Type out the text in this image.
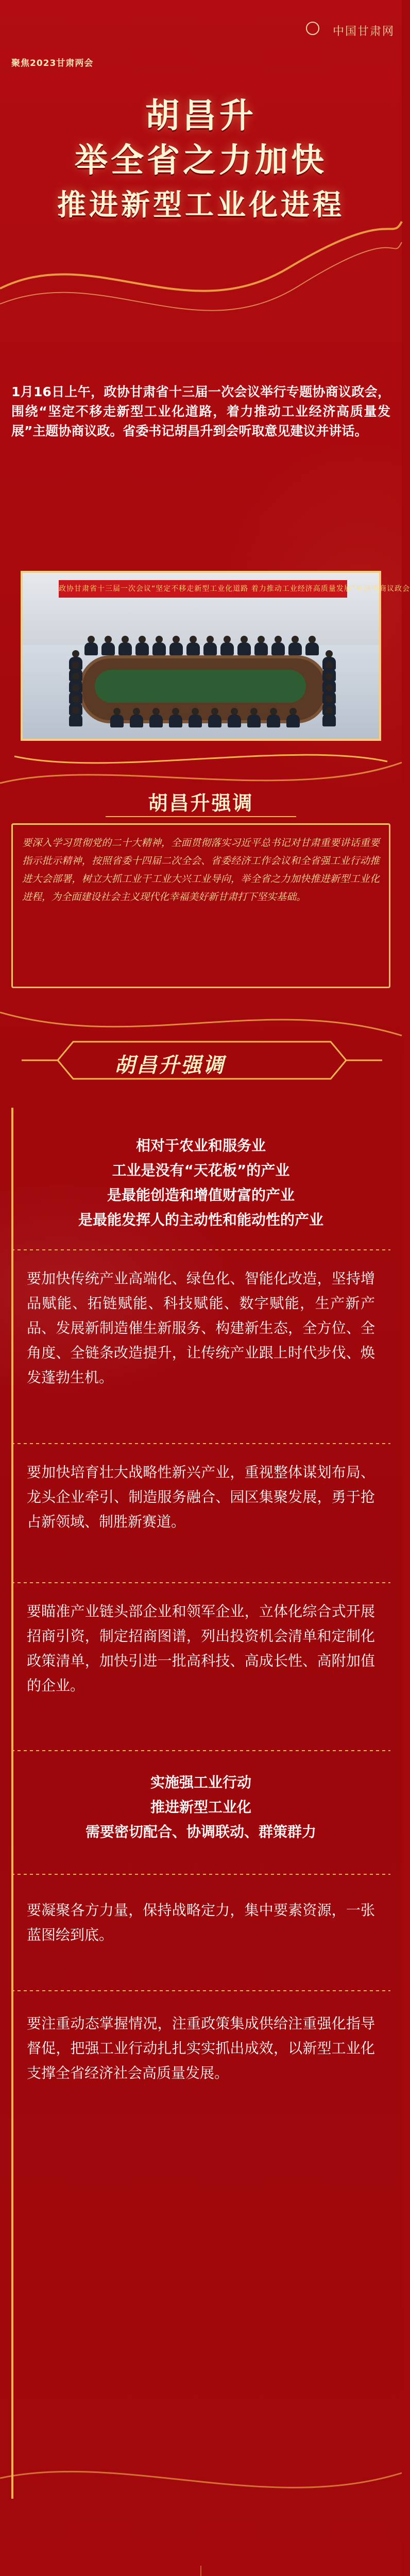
中国甘肃网
聚焦2023甘肃两会
胡昌升
举全省之力加快
推进新型工业化进程
1月16日上午，政协甘肃省十三届一次会议举行专题协商议政会，围绕“坚定不移走新型工业化道路，着力推动工业经济高质量发展”主题协商议政。省委书记胡昌升到会听取意见建议并讲话。
政协甘肃省十三届一次会议“坚定不移走新型工业化道路 着力推动工业经济高质量发展”专题协商议政会
胡昌升强调
要深入学习贯彻党的二十大精神，全面贯彻落实习近平总书记对甘肃重要讲话重要指示批示精神，按照省委十四届二次全会、省委经济工作会议和全省强工业行动推进大会部署，树立大抓工业干工业大兴工业导向，举全省之力加快推进新型工业化进程，为全面建设社会主义现代化幸福美好新甘肃打下坚实基础。
胡昌升强调
相对于农业和服务业
工业是没有“天花板”的产业
是最能创造和增值财富的产业
是最能发挥人的主动性和能动性的产业
要加快传统产业高端化、绿色化、智能化改造，坚持增品赋能、拓链赋能、科技赋能、数字赋能，生产新产品、发展新制造催生新服务、构建新生态，全方位、全角度、全链条改造提升，让传统产业跟上时代步伐、焕发蓬勃生机。
要加快培育壮大战略性新兴产业，重视整体谋划布局、龙头企业牵引、制造服务融合、园区集聚发展，勇于抢占新领域、制胜新赛道。
要瞄准产业链头部企业和领军企业，立体化综合式开展招商引资，制定招商图谱，列出投资机会清单和定制化政策清单，加快引进一批高科技、高成长性、高附加值的企业。
实施强工业行动
推进新型工业化
需要密切配合、协调联动、群策群力
要凝聚各方力量，保持战略定力，集中要素资源，一张蓝图绘到底。
要注重动态掌握情况，注重政策集成供给注重强化指导督促，把强工业行动扎扎实实抓出成效，以新型工业化支撑全省经济社会高质量发展。
